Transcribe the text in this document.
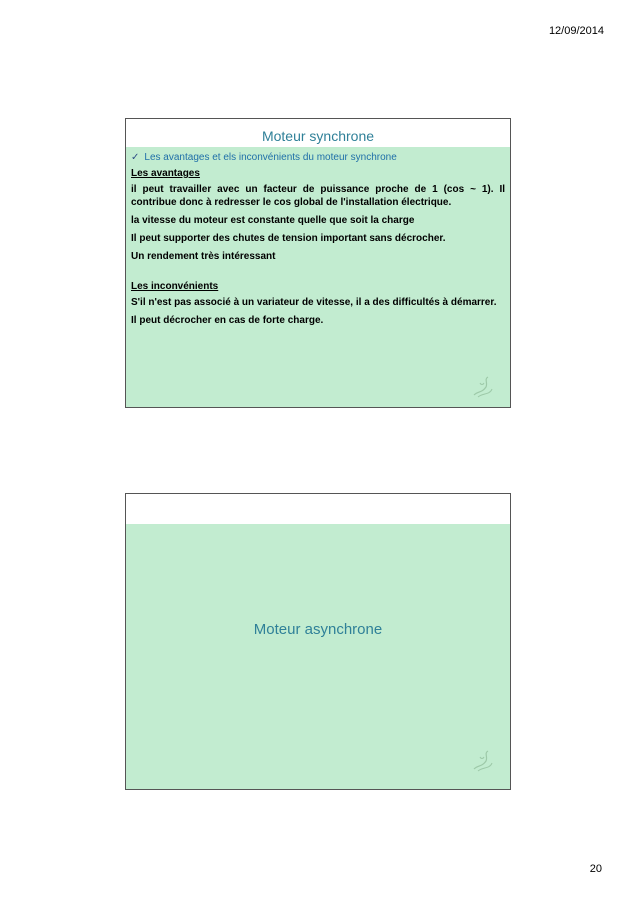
12/09/2014
Moteur synchrone
✓ Les avantages et els inconvénients du moteur synchrone
Les avantages
il peut travailler avec un facteur de puissance proche de 1 (cos ~ 1). Il contribue donc à redresser le cos global de l'installation électrique.
la vitesse du moteur est constante quelle que soit la charge
Il peut supporter des chutes de tension important sans décrocher.
Un rendement très intéressant
Les inconvénients
S'il n'est pas associé à un variateur de vitesse, il a des difficultés à démarrer.
Il peut décrocher en cas de forte charge.
Moteur asynchrone
20
